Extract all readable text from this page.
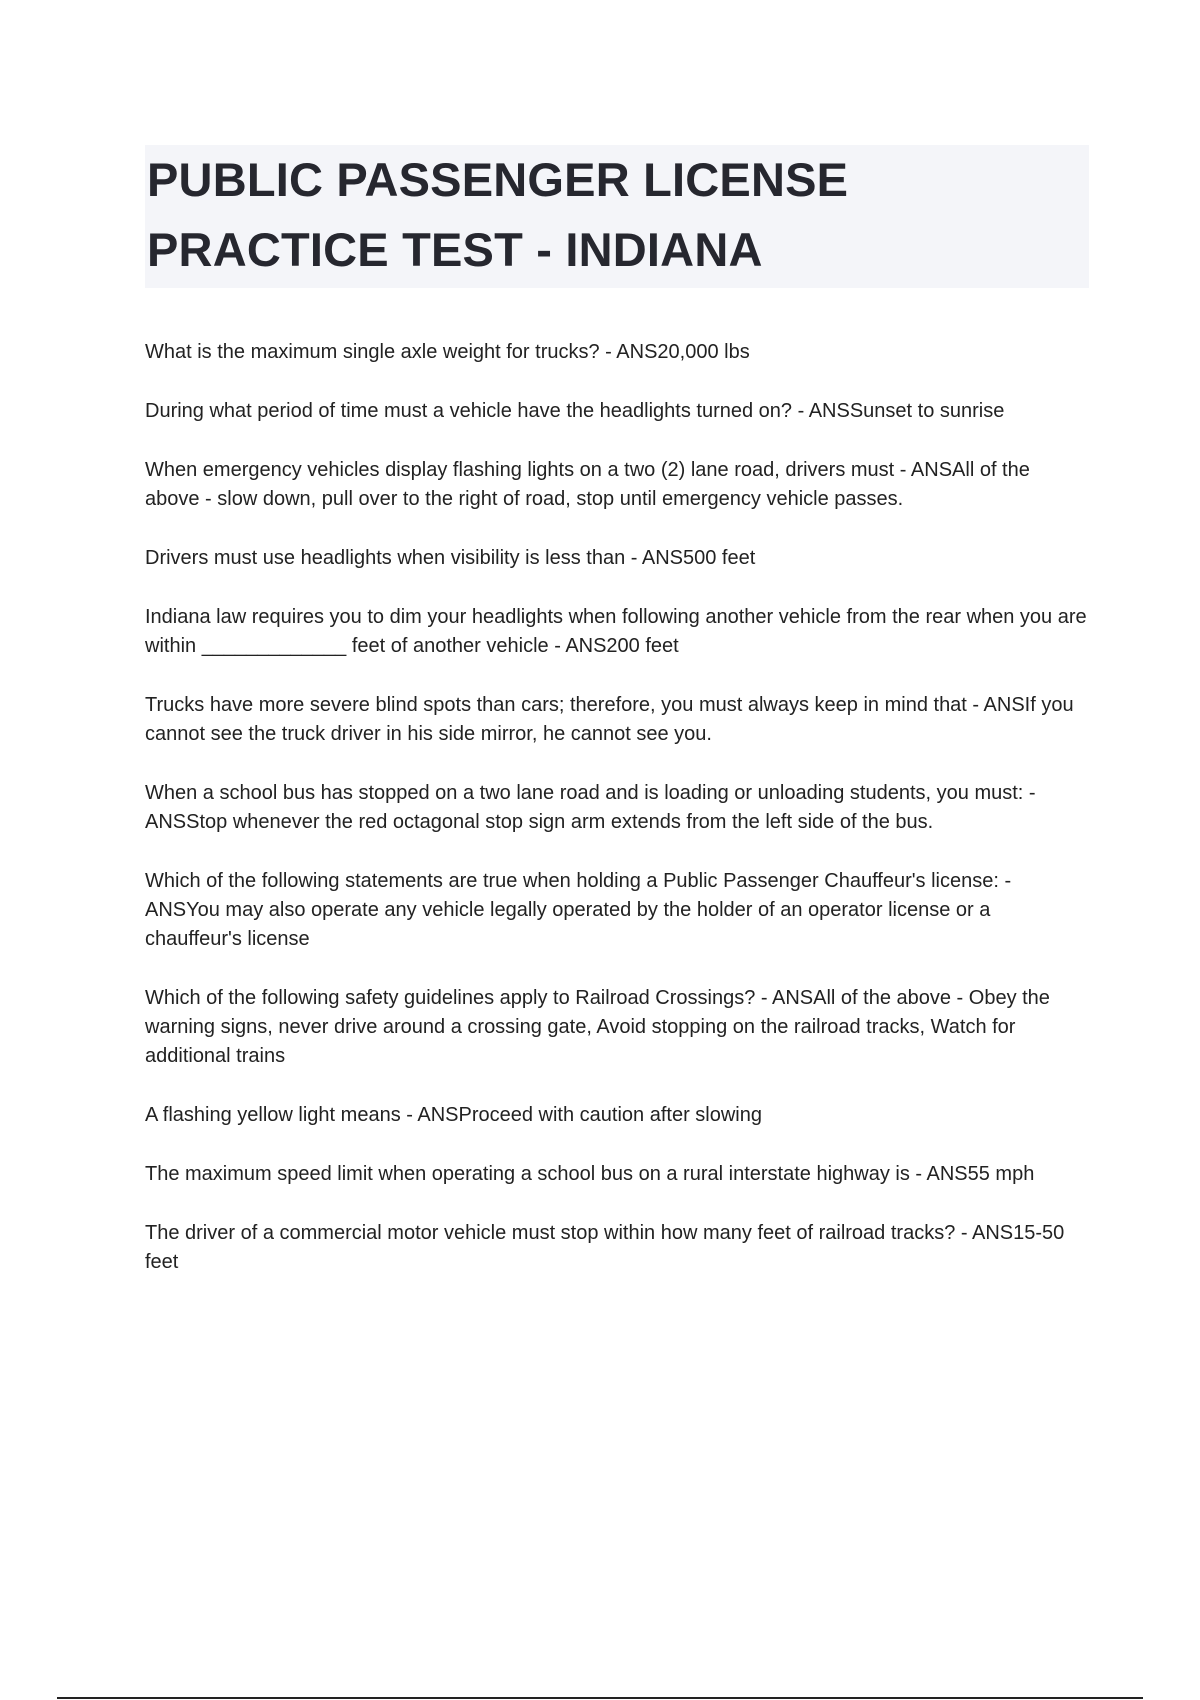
PUBLIC PASSENGER LICENSE
PRACTICE TEST - INDIANA

What is the maximum single axle weight for trucks? - ANS20,000 lbs

During what period of time must a vehicle have the headlights turned on? - ANSSunset to sunrise

When emergency vehicles display flashing lights on a two (2) lane road, drivers must - ANSAll of the above - slow down, pull over to the right of road, stop until emergency vehicle passes.

Drivers must use headlights when visibility is less than - ANS500 feet

Indiana law requires you to dim your headlights when following another vehicle from the rear when you are within _____________ feet of another vehicle - ANS200 feet

Trucks have more severe blind spots than cars; therefore, you must always keep in mind that - ANSIf you cannot see the truck driver in his side mirror, he cannot see you.

When a school bus has stopped on a two lane road and is loading or unloading students, you must: - ANSStop whenever the red octagonal stop sign arm extends from the left side of the bus.

Which of the following statements are true when holding a Public Passenger Chauffeur's license: - ANSYou may also operate any vehicle legally operated by the holder of an operator license or a chauffeur's license

Which of the following safety guidelines apply to Railroad Crossings? - ANSAll of the above - Obey the warning signs, never drive around a crossing gate, Avoid stopping on the railroad tracks, Watch for additional trains

A flashing yellow light means - ANSProceed with caution after slowing

The maximum speed limit when operating a school bus on a rural interstate highway is - ANS55 mph

The driver of a commercial motor vehicle must stop within how many feet of railroad tracks? - ANS15-50 feet
